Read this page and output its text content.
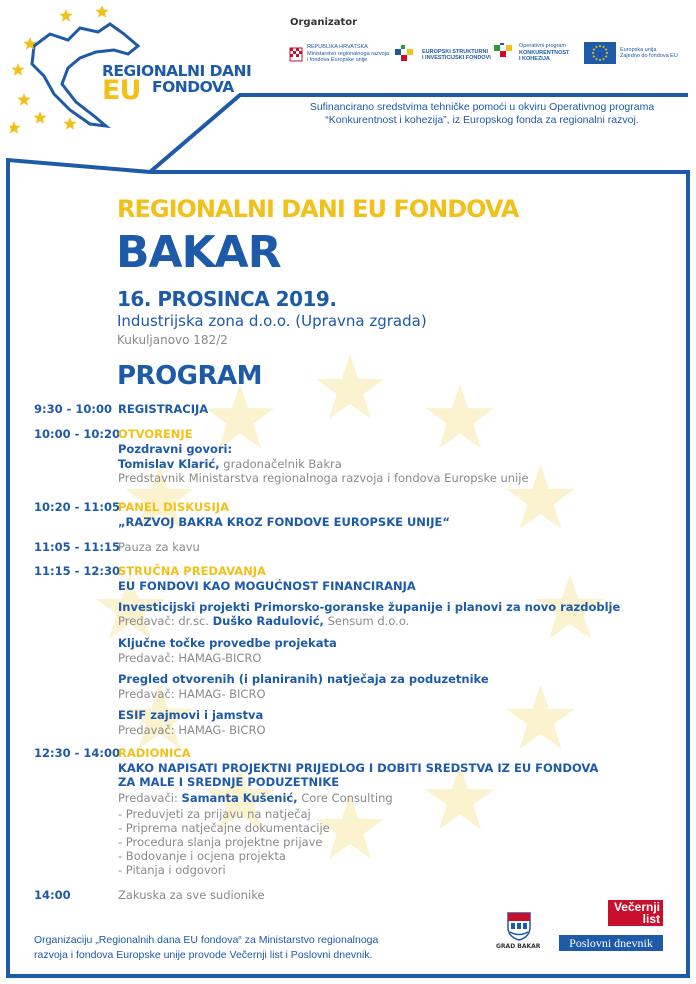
REGIONALNI DANI
EU FONDOVA
Organizator
REPUBLIKA HRVATSKA
Ministarstvo regionalnoga razvoja
i fondova Europske unije
EUROPSKI STRUKTURNI
I INVESTICIJSKI FONDOVI
Operativni program
KONKURENTNOST
I KOHEZIJA
Europska unija
Zajedno do fondova EU
Sufinancirano sredstvima tehničke pomoći u okviru Operativnog programa
“Konkurentnost i kohezija”, iz Europskog fonda za regionalni razvoj.
REGIONALNI DANI EU FONDOVA
BAKAR
16. PROSINCA 2019.
Industrijska zona d.o.o. (Upravna zgrada)
Kukuljanovo 182/2
PROGRAM
9:30 - 10:00 REGISTRACIJA
10:00 - 10:20
OTVORENJE
Pozdravni govori:
Tomislav Klarić, gradonačelnik Bakra
Predstavnik Ministarstva regionalnoga razvoja i fondova Europske unije
10:20 - 11:05
PANEL DISKUSIJA
„RAZVOJ BAKRA KROZ FONDOVE EUROPSKE UNIJE“
11:05 - 11:15
Pauza za kavu
11:15 - 12:30
STRUČNA PREDAVANJA
EU FONDOVI KAO MOGUĆNOST FINANCIRANJA
Investicijski projekti Primorsko-goranske županije i planovi za novo razdoblje
Predavač: dr.sc. Duško Radulović, Sensum d.o.o.
Ključne točke provedbe projekata
Predavač: HAMAG-BICRO
Pregled otvorenih (i planiranih) natječaja za poduzetnike
Predavač: HAMAG- BICRO
ESIF zajmovi i jamstva
Predavač: HAMAG- BICRO
12:30 - 14:00
RADIONICA
KAKO NAPISATI PROJEKTNI PRIJEDLOG I DOBITI SREDSTVA IZ EU FONDOVA
ZA MALE I SREDNJE PODUZETNIKE
Predavači: Samanta Kušenić, Core Consulting
- Preduvjeti za prijavu na natječaj
- Priprema natječajne dokumentacije
- Procedura slanja projektne prijave
- Bodovanje i ocjena projekta
- Pitanja i odgovori
14:00	Zakuska za sve sudionike
Organizaciju „Regionalnih dana EU fondova“ za Ministarstvo regionalnoga
razvoja i fondova Europske unije provode Večernji list i Poslovni dnevnik.
GRAD BAKAR
Večernji
list
Poslovni dnevnik
